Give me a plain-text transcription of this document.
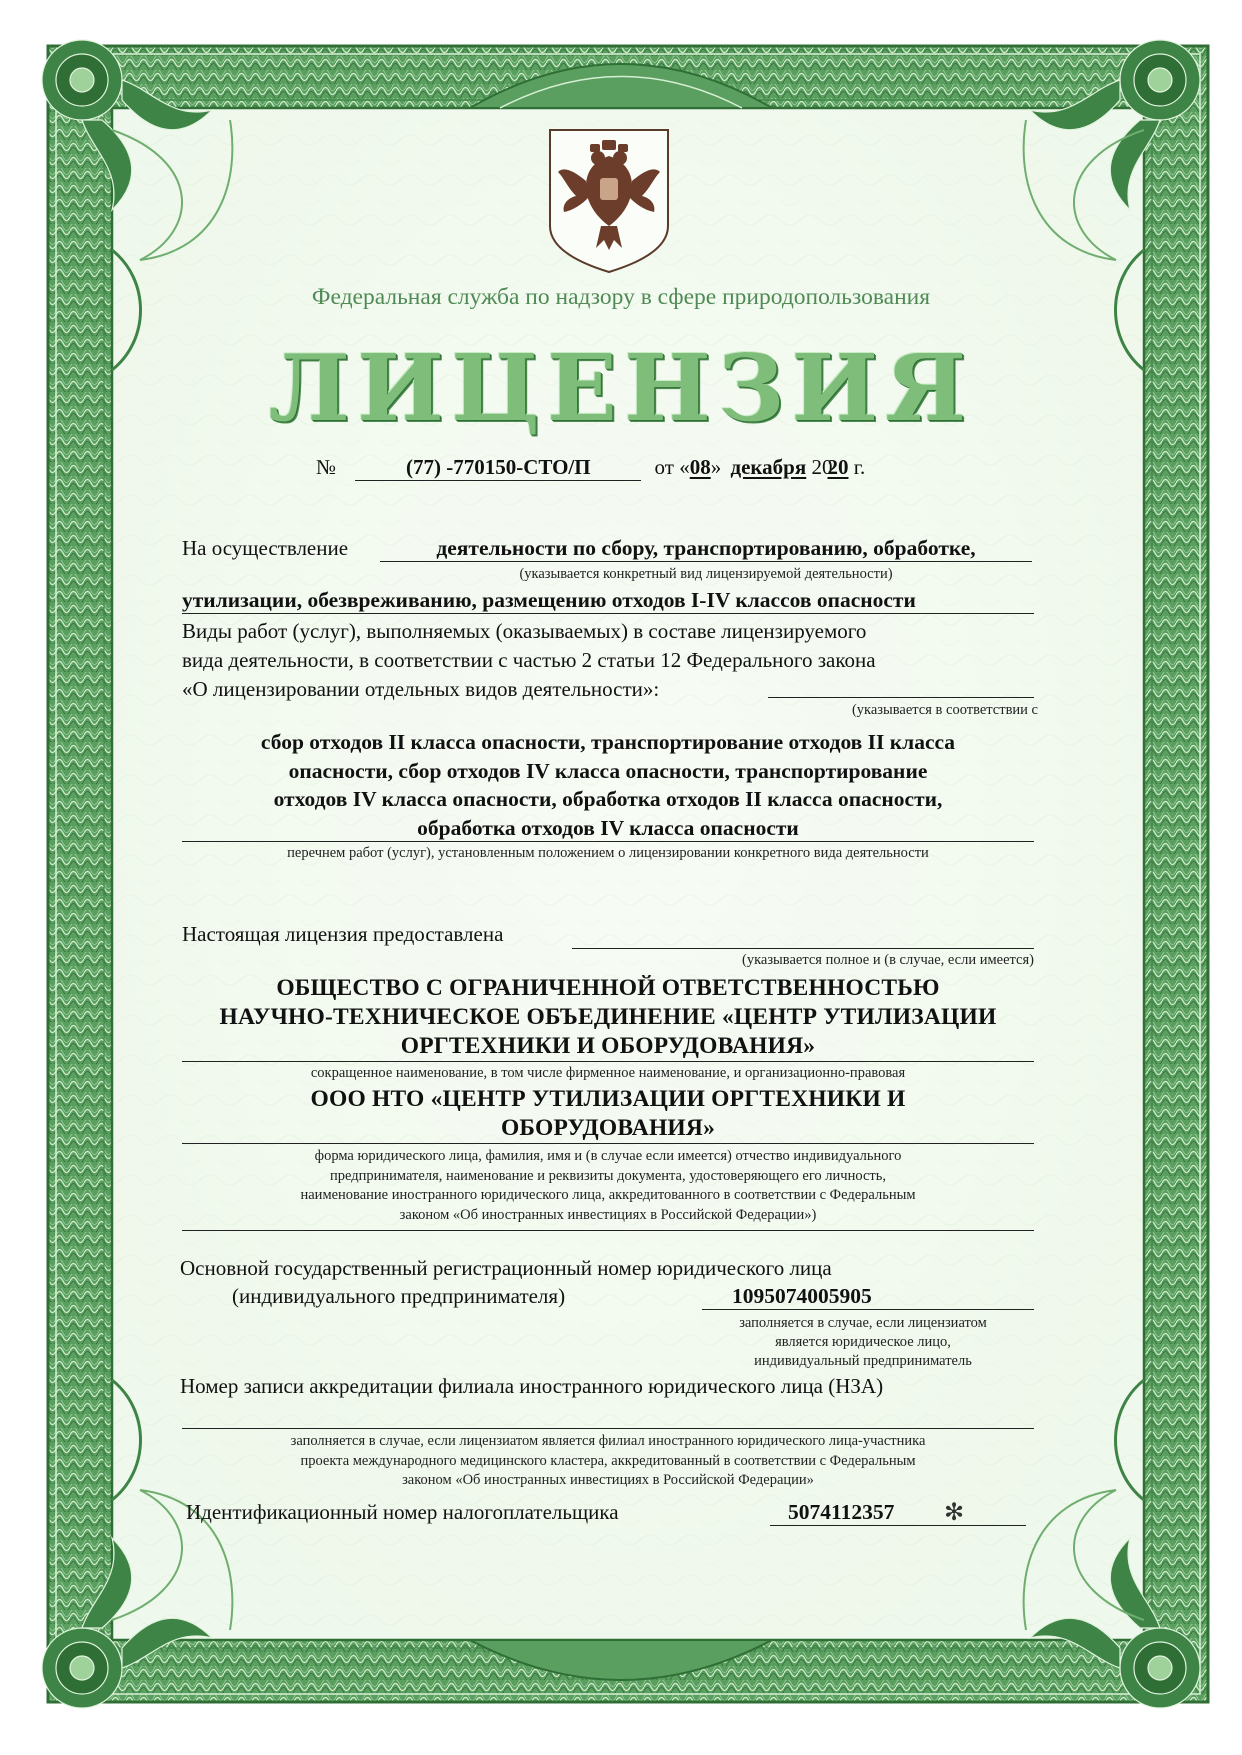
Федеральная служба по надзору в сфере природопользования
ЛИЦЕНЗИЯ
№	(77) -770150-СТО/П	от «08» декабря 2020 г.
На осуществление	деятельности по сбору, транспортированию, обработке,
(указывается конкретный вид лицензируемой деятельности)
утилизации, обезвреживанию, размещению отходов I-IV классов опасности
Виды работ (услуг), выполняемых (оказываемых) в составе лицензируемого
вида деятельности, в соответствии с частью 2 статьи 12 Федерального закона
«О лицензировании отдельных видов деятельности»:
(указывается в соответствии с
сбор отходов II класса опасности, транспортирование отходов II класса
опасности, сбор отходов IV класса опасности, транспортирование
отходов IV класса опасности, обработка отходов II класса опасности,
обработка отходов IV класса опасности
перечнем работ (услуг), установленным положением о лицензировании конкретного вида деятельности
Настоящая лицензия предоставлена
(указывается полное и (в случае, если имеется)
ОБЩЕСТВО С ОГРАНИЧЕННОЙ ОТВЕТСТВЕННОСТЬЮ
НАУЧНО-ТЕХНИЧЕСКОЕ ОБЪЕДИНЕНИЕ «ЦЕНТР УТИЛИЗАЦИИ
ОРГТЕХНИКИ И ОБОРУДОВАНИЯ»
сокращенное наименование, в том числе фирменное наименование, и организационно-правовая
ООО НТО «ЦЕНТР УТИЛИЗАЦИИ ОРГТЕХНИКИ И
ОБОРУДОВАНИЯ»
форма юридического лица, фамилия, имя и (в случае если имеется) отчество индивидуального
предпринимателя, наименование и реквизиты документа, удостоверяющего его личность,
наименование иностранного юридического лица, аккредитованного в соответствии с Федеральным
законом «Об иностранных инвестициях в Российской Федерации»)
Основной государственный регистрационный номер юридического лица
(индивидуального предпринимателя)	1095074005905
заполняется в случае, если лицензиатом
является юридическое лицо,
индивидуальный предприниматель
Номер записи аккредитации филиала иностранного юридического лица (НЗА)
заполняется в случае, если лицензиатом является филиал иностранного юридического лица-участника
проекта международного медицинского кластера, аккредитованный в соответствии с Федеральным
законом «Об иностранных инвестициях в Российской Федерации»
Идентификационный номер налогоплательщика	5074112357	✻
